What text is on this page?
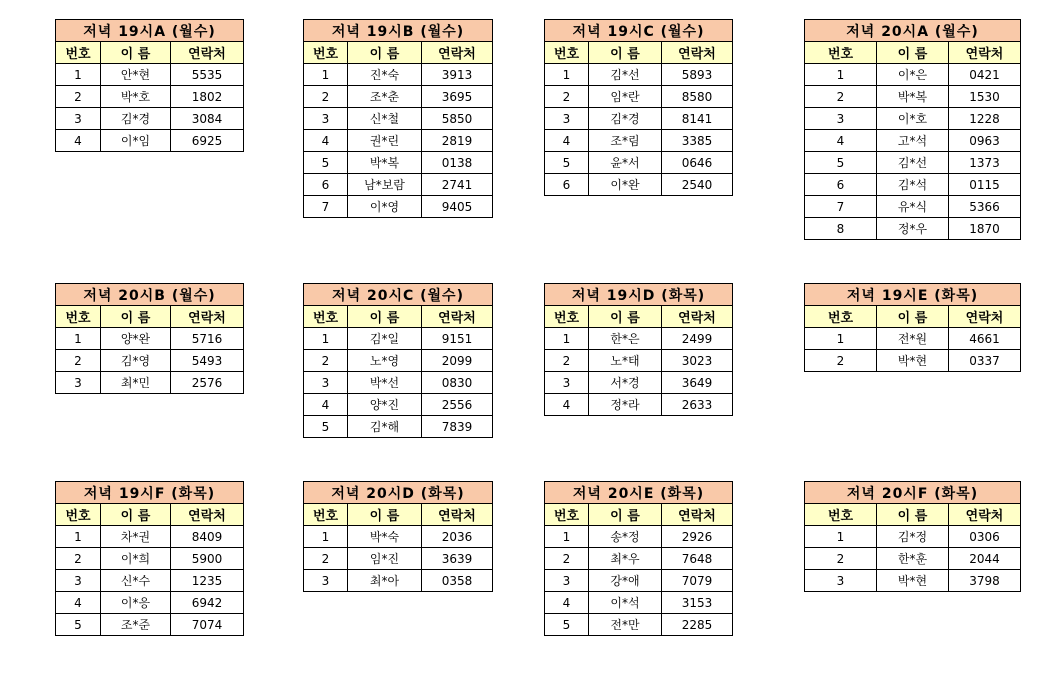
저녁 19시A (월수)		
번호	이 름	연락처
1	안*현	5535
2	박*호	1802
3	김*경	3084
4	이*임	6925
저녁 19시B (월수)		
번호	이 름	연락처
1	진*숙	3913
2	조*춘	3695
3	신*철	5850
4	권*린	2819
5	박*복	0138
6	남*보람	2741
7	이*영	9405
저녁 19시C (월수)		
번호	이 름	연락처
1	김*선	5893
2	임*란	8580
3	김*경	8141
4	조*림	3385
5	윤*서	0646
6	이*완	2540
저녁 20시A (월수)		
번호	이 름	연락처
1	이*은	0421
2	박*복	1530
3	이*호	1228
4	고*석	0963
5	김*선	1373
6	김*석	0115
7	유*식	5366
8	정*우	1870
저녁 20시B (월수)		
번호	이 름	연락처
1	양*완	5716
2	김*영	5493
3	최*민	2576
저녁 20시C (월수)		
번호	이 름	연락처
1	김*일	9151
2	노*영	2099
3	박*선	0830
4	양*진	2556
5	김*해	7839
저녁 19시D (화목)		
번호	이 름	연락처
1	한*은	2499
2	노*태	3023
3	서*경	3649
4	정*라	2633
저녁 19시E (화목)		
번호	이 름	연락처
1	전*원	4661
2	박*현	0337
저녁 19시F (화목)		
번호	이 름	연락처
1	차*권	8409
2	이*희	5900
3	신*수	1235
4	이*응	6942
5	조*준	7074
저녁 20시D (화목)		
번호	이 름	연락처
1	박*숙	2036
2	임*진	3639
3	최*아	0358
저녁 20시E (화목)		
번호	이 름	연락처
1	송*정	2926
2	최*우	7648
3	강*애	7079
4	이*석	3153
5	전*만	2285
저녁 20시F (화목)		
번호	이 름	연락처
1	김*정	0306
2	한*훈	2044
3	박*현	3798
